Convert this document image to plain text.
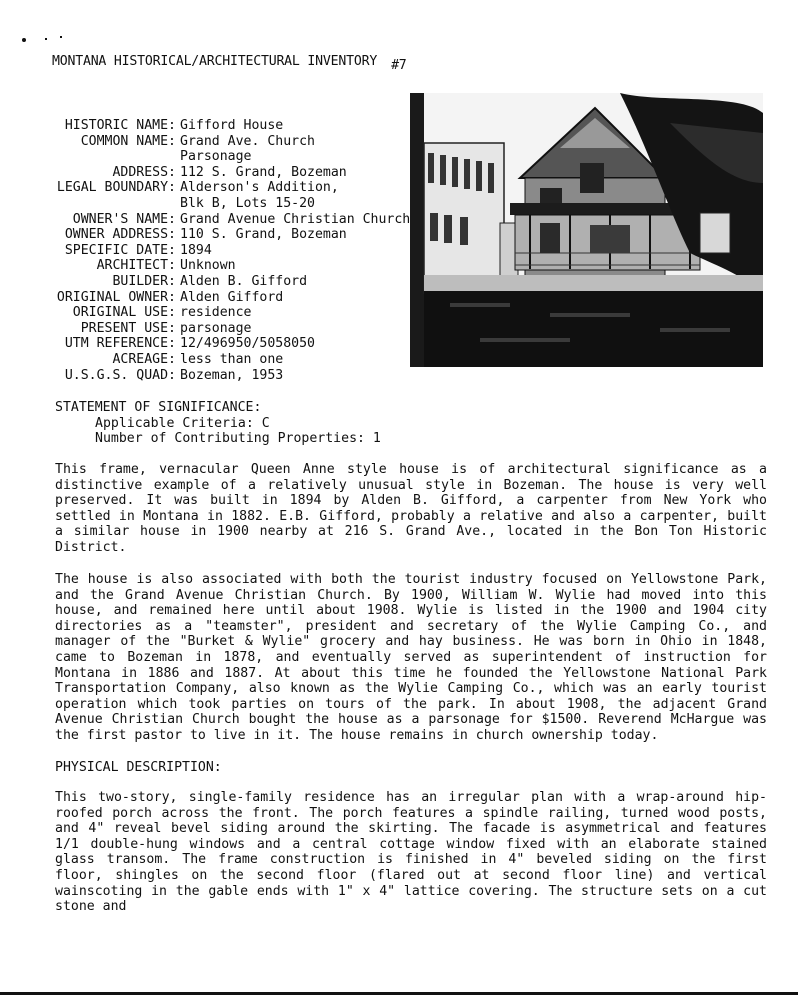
MONTANA HISTORICAL/ARCHITECTURAL INVENTORY #7
HISTORIC NAME: Gifford House
COMMON NAME: Grand Ave. Church
Parsonage
ADDRESS: 112 S. Grand, Bozeman
LEGAL BOUNDARY: Alderson's Addition,
Blk B, Lots 15-20
OWNER'S NAME: Grand Avenue Christian Church
OWNER ADDRESS: 110 S. Grand, Bozeman
SPECIFIC DATE: 1894
ARCHITECT: Unknown
BUILDER: Alden B. Gifford
ORIGINAL OWNER: Alden Gifford
ORIGINAL USE: residence
PRESENT USE: parsonage
UTM REFERENCE: 12/496950/5058050
ACREAGE: less than one
U.S.G.S. QUAD: Bozeman, 1953
STATEMENT OF SIGNIFICANCE:
Applicable Criteria: C
Number of Contributing Properties: 1
This frame, vernacular Queen Anne style house is of architectural significance as a distinctive example of a relatively unusual style in Bozeman. The house is very well preserved. It was built in 1894 by Alden B. Gifford, a carpenter from New York who settled in Montana in 1882. E.B. Gifford, probably a relative and also a carpenter, built a similar house in 1900 nearby at 216 S. Grand Ave., located in the Bon Ton Historic District.
The house is also associated with both the tourist industry focused on Yellowstone Park, and the Grand Avenue Christian Church. By 1900, William W. Wylie had moved into this house, and remained here until about 1908. Wylie is listed in the 1900 and 1904 city directories as a "teamster", president and secretary of the Wylie Camping Co., and manager of the "Burket & Wylie" grocery and hay business. He was born in Ohio in 1848, came to Bozeman in 1878, and eventually served as superintendent of instruction for Montana in 1886 and 1887. At about this time he founded the Yellowstone National Park Transportation Company, also known as the Wylie Camping Co., which was an early tourist operation which took parties on tours of the park. In about 1908, the adjacent Grand Avenue Christian Church bought the house as a parsonage for $1500. Reverend McHargue was the first pastor to live in it. The house remains in church ownership today.
PHYSICAL DESCRIPTION:
This two-story, single-family residence has an irregular plan with a wrap-around hip-roofed porch across the front. The porch features a spindle railing, turned wood posts, and 4" reveal bevel siding around the skirting. The facade is asymmetrical and features 1/1 double-hung windows and a central cottage window fixed with an elaborate stained glass transom. The frame construction is finished in 4" beveled siding on the first floor, shingles on the second floor (flared out at second floor line) and vertical wainscoting in the gable ends with 1" x 4" lattice covering. The structure sets on a cut stone and
